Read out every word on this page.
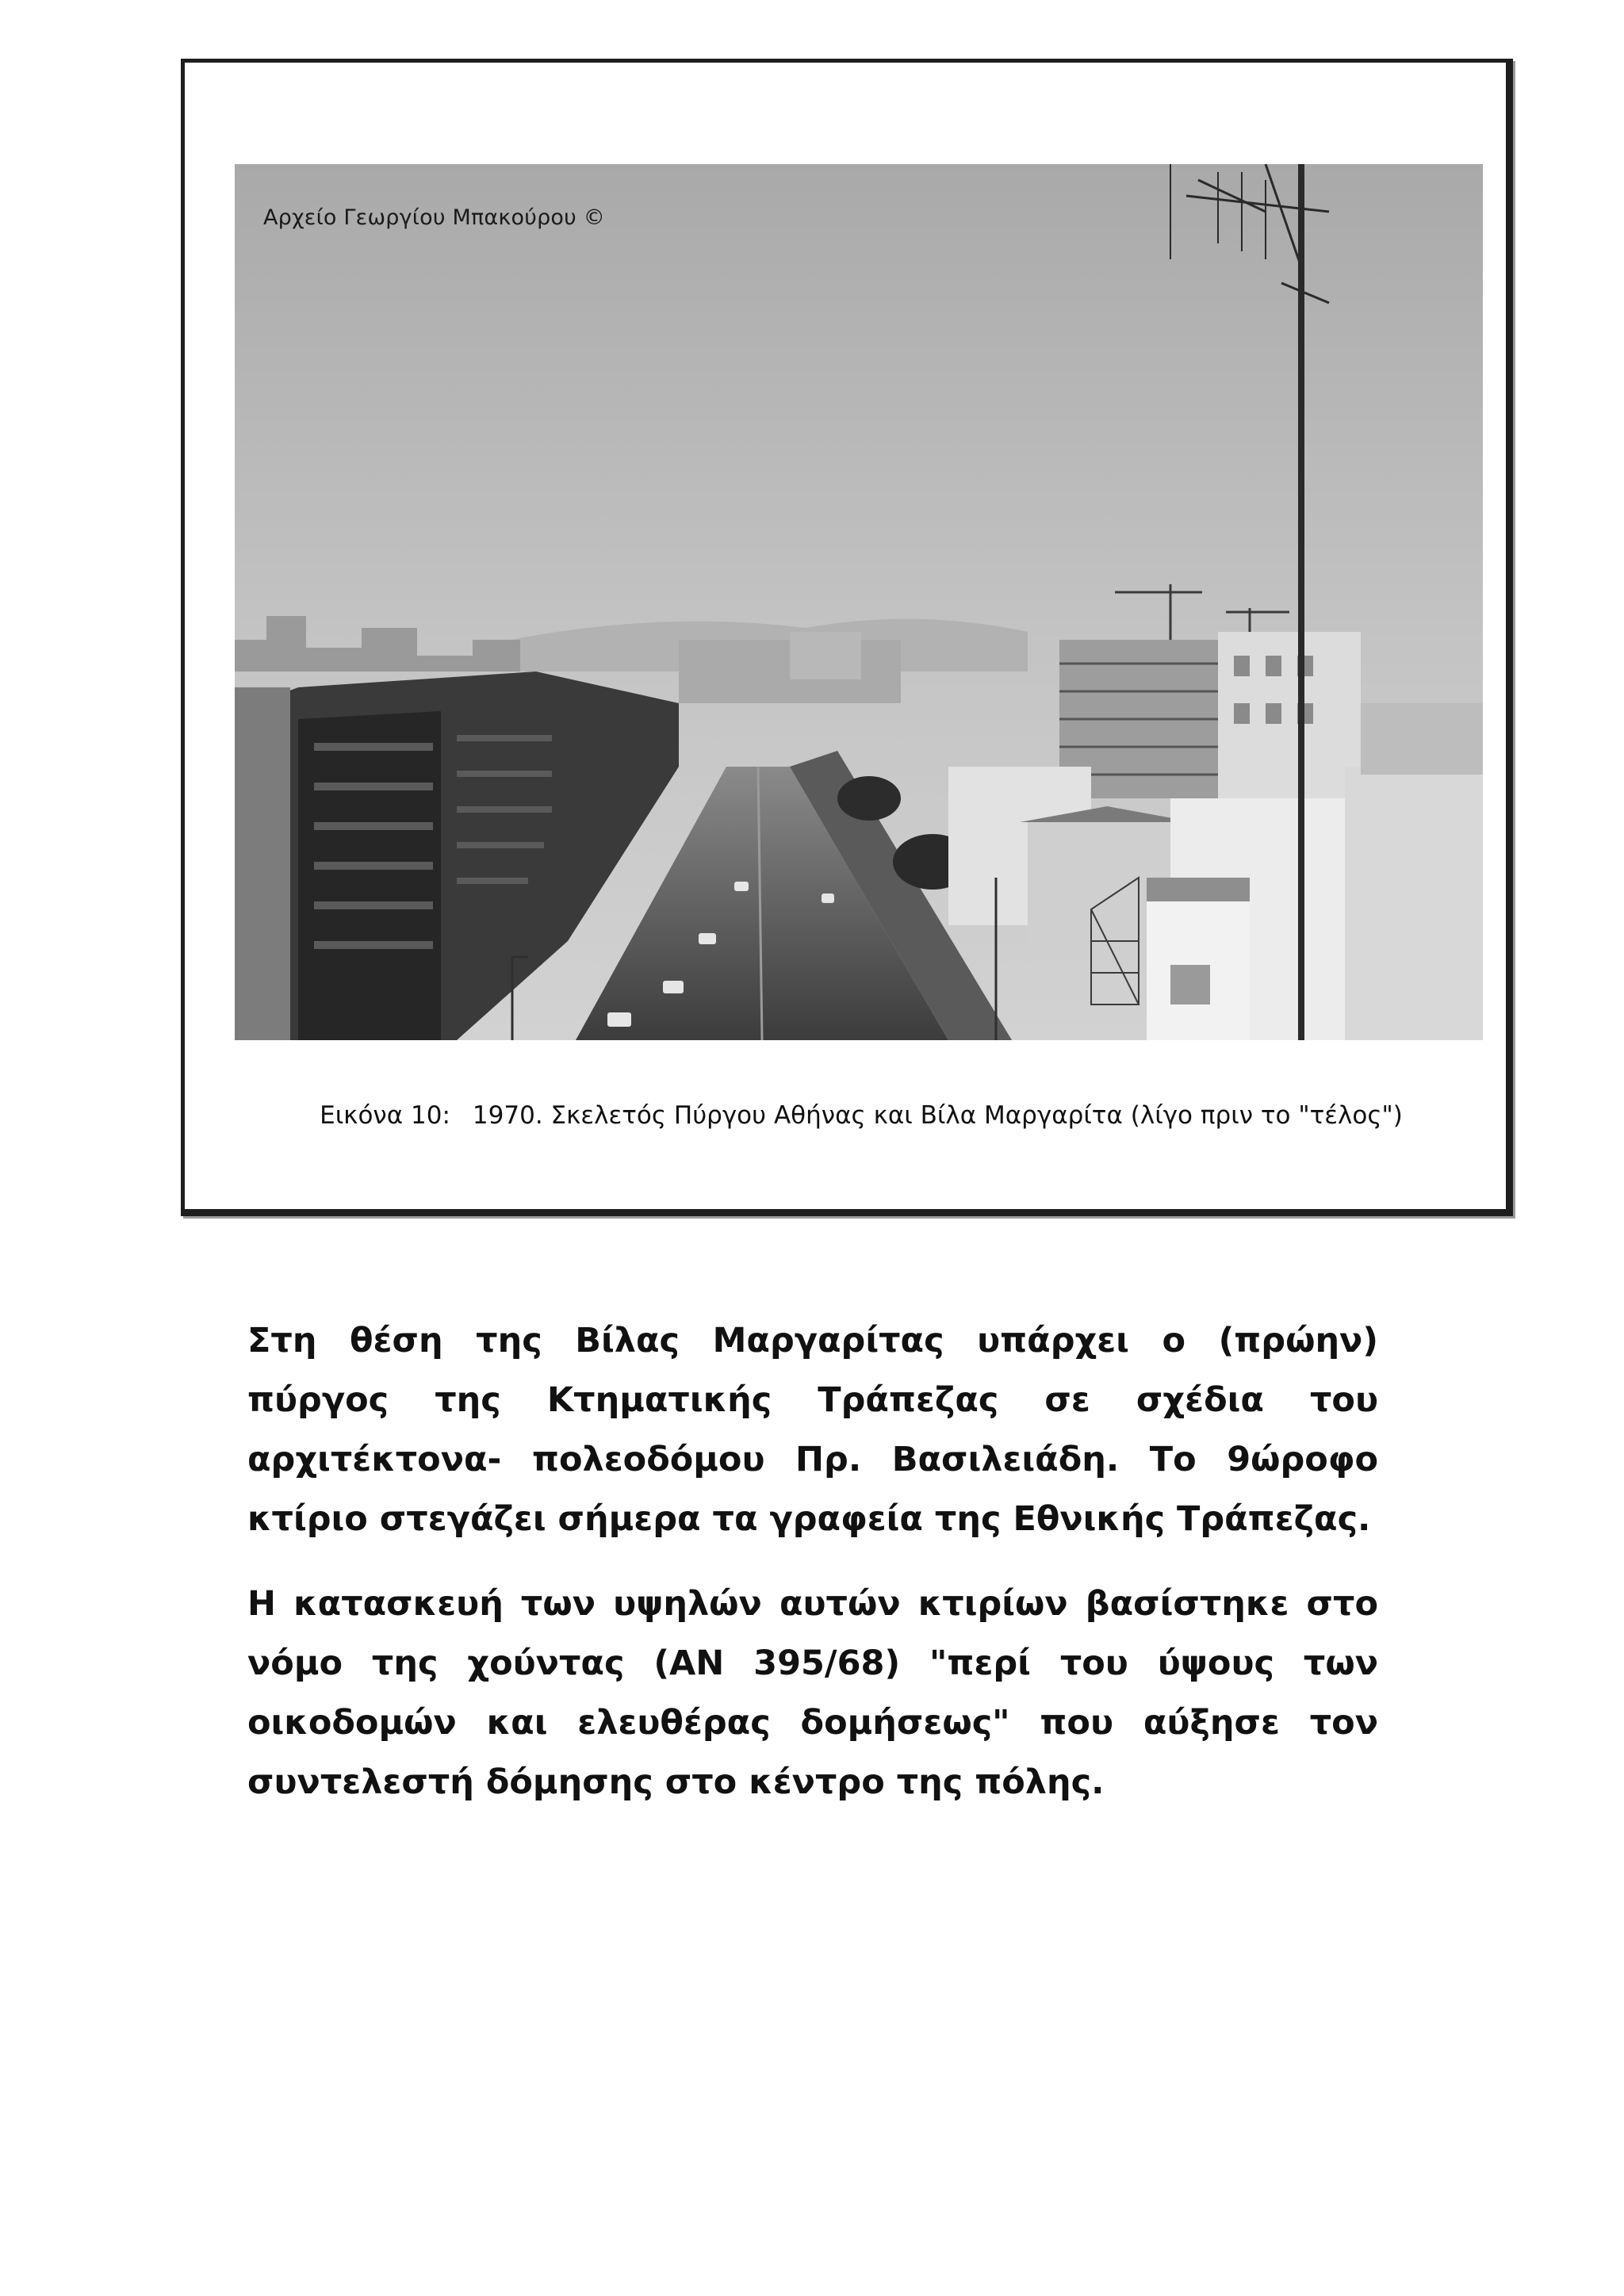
Αρχείο Γεωργίου Μπακούρου ©
Εικόνα 10: 1970. Σκελετός Πύργου Αθήνας και Βίλα Μαργαρίτα (λίγο πριν το "τέλος")

Στη θέση της Βίλας Μαργαρίτας υπάρχει ο (πρώην) πύργος της Κτηματικής Τράπεζας σε σχέδια του αρχιτέκτονα- πολεοδόμου Πρ. Βασιλειάδη. Το 9ώροφο κτίριο στεγάζει σήμερα τα γραφεία της Εθνικής Τράπεζας.

Η κατασκευή των υψηλών αυτών κτιρίων βασίστηκε στο νόμο της χούντας (ΑΝ 395/68) "περί του ύψους των οικοδομών και ελευθέρας δομήσεως" που αύξησε τον συντελεστή δόμησης στο κέντρο της πόλης.
